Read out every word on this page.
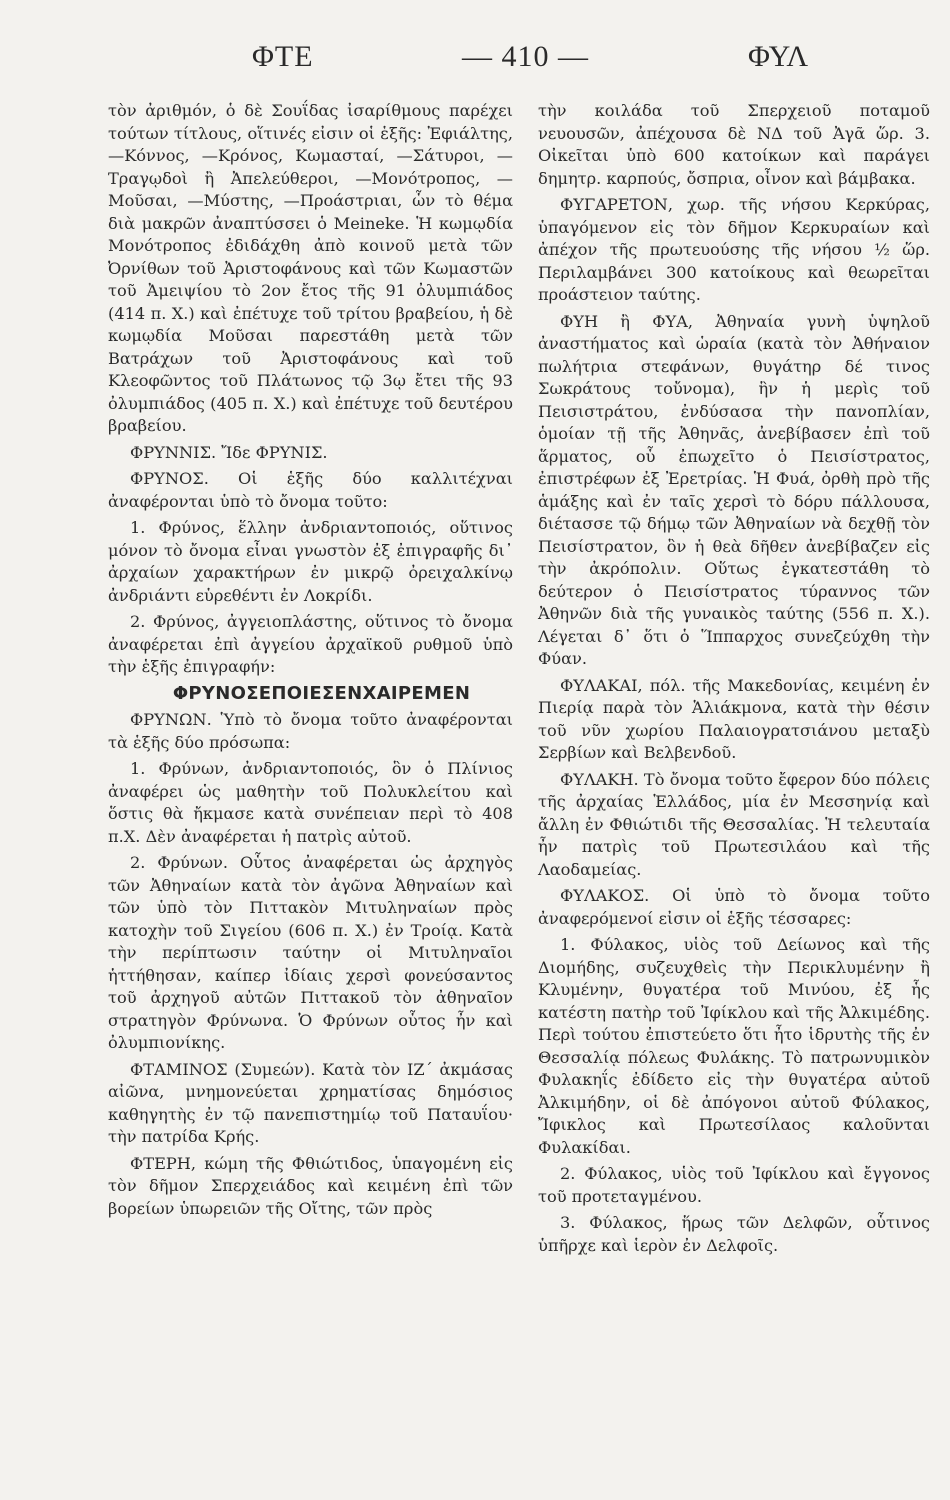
ΦΤΕ	— 410 —	ΦΥΛ

τὸν ἀριθμόν, ὁ δὲ Σουΐδας ἰσαρίθμους παρέχει τούτων τίτλους, οἵτινές εἰσιν οἱ ἑξῆς: Ἐφιάλτης, —Κόννος, —Κρόνος, Κωμασταί, —Σάτυροι, —Τραγῳδοὶ ἢ Ἀπελεύθεροι, —Μονότροπος, —Μοῦσαι, —Μύστης, —Προάστριαι, ὧν τὸ θέμα διὰ μακρῶν ἀναπτύσσει ὁ Meineke. Ἡ κωμῳδία Μονότροπος ἐδιδάχθη ἀπὸ κοινοῦ μετὰ τῶν Ὀρνίθων τοῦ Ἀριστοφάνους καὶ τῶν Κωμαστῶν τοῦ Ἀμειψίου τὸ 2ον ἔτος τῆς 91 ὀλυμπιάδος (414 π. Χ.) καὶ ἐπέτυχε τοῦ τρίτου βραβείου, ἡ δὲ κωμῳδία Μοῦσαι παρεστάθη μετὰ τῶν Βατράχων τοῦ Ἀριστοφάνους καὶ τοῦ Κλεοφῶντος τοῦ Πλάτωνος τῷ 3ῳ ἔτει τῆς 93 ὀλυμπιάδος (405 π. Χ.) καὶ ἐπέτυχε τοῦ δευτέρου βραβείου.

ΦΡΥΝΝΙΣ. Ἴδε ΦΡΥΝΙΣ.

ΦΡΥΝΟΣ. Οἱ ἑξῆς δύο καλλιτέχναι ἀναφέρονται ὑπὸ τὸ ὄνομα τοῦτο:

1. Φρύνος, ἕλλην ἀνδριαντοποιός, οὕτινος μόνον τὸ ὄνομα εἶναι γνωστὸν ἐξ ἐπιγραφῆς δι᾽ ἀρχαίων χαρακτήρων ἐν μικρῷ ὀρειχαλκίνῳ ἀνδριάντι εὑρεθέντι ἐν Λοκρίδι.

2. Φρύνος, ἀγγειοπλάστης, οὕτινος τὸ ὄνομα ἀναφέρεται ἐπὶ ἀγγείου ἀρχαϊκοῦ ρυθμοῦ ὑπὸ τὴν ἑξῆς ἐπιγραφήν:

ΦΡΥΝΟΣΕΠΟΙΕΣΕΝΧΑΙΡΕΜΕΝ

ΦΡΥΝΩΝ. Ὑπὸ τὸ ὄνομα τοῦτο ἀναφέρονται τὰ ἑξῆς δύο πρόσωπα:

1. Φρύνων, ἀνδριαντοποιός, ὃν ὁ Πλίνιος ἀναφέρει ὡς μαθητὴν τοῦ Πολυκλείτου καὶ ὅστις θὰ ἤκμασε κατὰ συνέπειαν περὶ τὸ 408 π.Χ. Δὲν ἀναφέρεται ἡ πατρὶς αὐτοῦ.

2. Φρύνων. Οὗτος ἀναφέρεται ὡς ἀρχηγὸς τῶν Ἀθηναίων κατὰ τὸν ἀγῶνα Ἀθηναίων καὶ τῶν ὑπὸ τὸν Πιττακὸν Μιτυληναίων πρὸς κατοχὴν τοῦ Σιγείου (606 π. Χ.) ἐν Τροίᾳ. Κατὰ τὴν περίπτωσιν ταύτην οἱ Μιτυληναῖοι ἡττήθησαν, καίπερ ἰδίαις χερσὶ φονεύσαντος τοῦ ἀρχηγοῦ αὐτῶν Πιττακοῦ τὸν ἀθηναῖον στρατηγὸν Φρύνωνα. Ὁ Φρύνων οὗτος ἦν καὶ ὀλυμπιονίκης.

ΦΤΑΜΙΝΟΣ (Συμεών). Κατὰ τὸν ΙΖ´ ἀκμάσας αἰῶνα, μνημονεύεται χρηματίσας δημόσιος καθηγητὴς ἐν τῷ πανεπιστημίῳ τοῦ Παταυΐου· τὴν πατρίδα Κρής.

ΦΤΕΡΗ, κώμη τῆς Φθιώτιδος, ὑπαγομένη εἰς τὸν δῆμον Σπερχειάδος καὶ κειμένη ἐπὶ τῶν βορείων ὑπωρειῶν τῆς Οἴτης, τῶν πρὸς

τὴν κοιλάδα τοῦ Σπερχειοῦ ποταμοῦ νευουσῶν, ἀπέχουσα δὲ ΝΔ τοῦ Ἀγᾶ ὥρ. 3. Οἰκεῖται ὑπὸ 600 κατοίκων καὶ παράγει δημητρ. καρπούς, ὄσπρια, οἶνον καὶ βάμβακα.

ΦΥΓΑΡΕΤΟΝ, χωρ. τῆς νήσου Κερκύρας, ὑπαγόμενον εἰς τὸν δῆμον Κερκυραίων καὶ ἀπέχον τῆς πρωτευούσης τῆς νήσου ½ ὥρ. Περιλαμβάνει 300 κατοίκους καὶ θεωρεῖται προάστειον ταύτης.

ΦΥΗ ἢ ΦΥΑ, Ἀθηναία γυνὴ ὑψηλοῦ ἀναστήματος καὶ ὡραία (κατὰ τὸν Ἀθήναιον πωλήτρια στεφάνων, θυγάτηρ δέ τινος Σωκράτους τοὔνομα), ἣν ἡ μερὶς τοῦ Πεισιστράτου, ἐνδύσασα τὴν πανοπλίαν, ὁμοίαν τῇ τῆς Ἀθηνᾶς, ἀνεβίβασεν ἐπὶ τοῦ ἅρματος, οὗ ἐπωχεῖτο ὁ Πεισίστρατος, ἐπιστρέφων ἐξ Ἐρετρίας. Ἡ Φυά, ὀρθὴ πρὸ τῆς ἁμάξης καὶ ἐν ταῖς χερσὶ τὸ δόρυ πάλλουσα, διέτασσε τῷ δήμῳ τῶν Ἀθηναίων νὰ δεχθῇ τὸν Πεισίστρατον, ὃν ἡ θεὰ δῆθεν ἀνεβίβαζεν εἰς τὴν ἀκρόπολιν. Οὕτως ἐγκατεστάθη τὸ δεύτερον ὁ Πεισίστρατος τύραννος τῶν Ἀθηνῶν διὰ τῆς γυναικὸς ταύτης (556 π. Χ.). Λέγεται δ᾽ ὅτι ὁ Ἵππαρχος συνεζεύχθη τὴν Φύαν.

ΦΥΛΑΚΑΙ, πόλ. τῆς Μακεδονίας, κειμένη ἐν Πιερίᾳ παρὰ τὸν Ἁλιάκμονα, κατὰ τὴν θέσιν τοῦ νῦν χωρίου Παλαιογρατσιάνου μεταξὺ Σερβίων καὶ Βελβενδοῦ.

ΦΥΛΑΚΗ. Τὸ ὄνομα τοῦτο ἔφερον δύο πόλεις τῆς ἀρχαίας Ἑλλάδος, μία ἐν Μεσσηνίᾳ καὶ ἄλλη ἐν Φθιώτιδι τῆς Θεσσαλίας. Ἡ τελευταία ἦν πατρὶς τοῦ Πρωτεσιλάου καὶ τῆς Λαοδαμείας.

ΦΥΛΑΚΟΣ. Οἱ ὑπὸ τὸ ὄνομα τοῦτο ἀναφερόμενοί εἰσιν οἱ ἑξῆς τέσσαρες:

1. Φύλακος, υἱὸς τοῦ Δείωνος καὶ τῆς Διομήδης, συζευχθεὶς τὴν Περικλυμένην ἢ Κλυμένην, θυγατέρα τοῦ Μινύου, ἐξ ἧς κατέστη πατὴρ τοῦ Ἰφίκλου καὶ τῆς Ἀλκιμέδης. Περὶ τούτου ἐπιστεύετο ὅτι ἦτο ἱδρυτὴς τῆς ἐν Θεσσαλίᾳ πόλεως Φυλάκης. Τὸ πατρωνυμικὸν Φυλακηΐς ἐδίδετο εἰς τὴν θυγατέρα αὐτοῦ Ἀλκιμήδην, οἱ δὲ ἀπόγονοι αὐτοῦ Φύλακος, Ἴφικλος καὶ Πρωτεσίλαος καλοῦνται Φυλακίδαι.

2. Φύλακος, υἱὸς τοῦ Ἰφίκλου καὶ ἔγγονος τοῦ προτεταγμένου.

3. Φύλακος, ἥρως τῶν Δελφῶν, οὗτινος ὑπῆρχε καὶ ἱερὸν ἐν Δελφοῖς.
